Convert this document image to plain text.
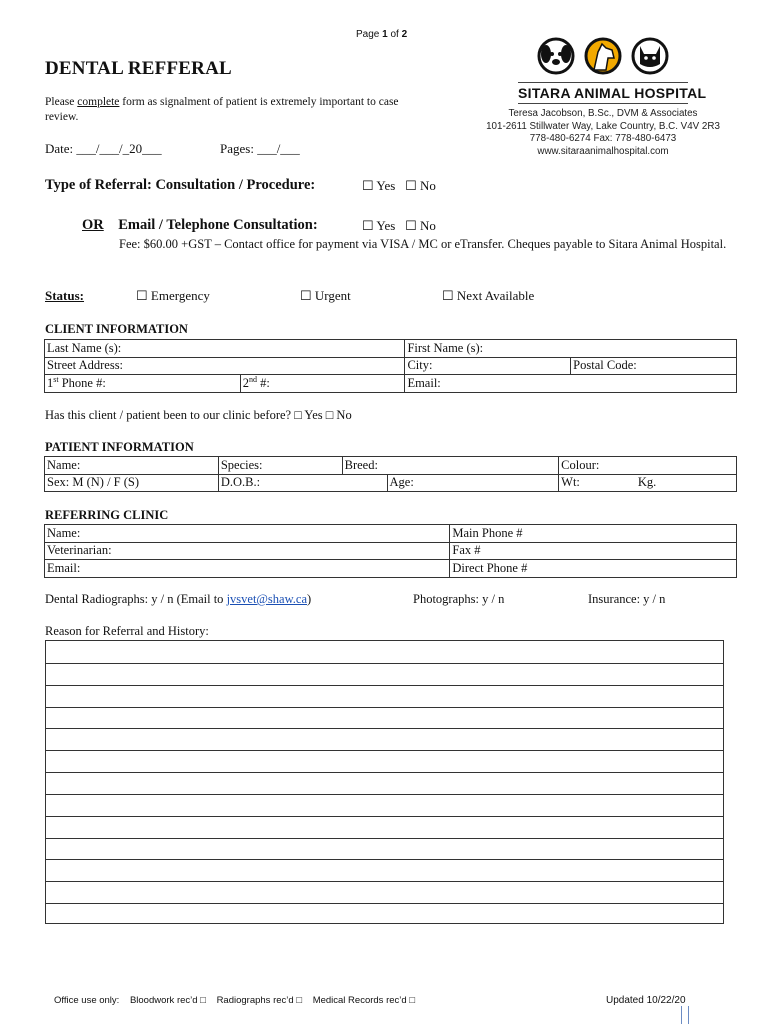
Page 1 of 2
DENTAL REFFERAL
Please complete form as signalment of patient is extremely important to case review.
Date: ___/___/_20___	Pages: ___/___
SITARA ANIMAL HOSPITAL
Teresa Jacobson, B.Sc., DVM & Associates
101-2611 Stillwater Way, Lake Country, B.C. V4V 2R3
778-480-6274 Fax: 778-480-6473
www.sitaraanimalhospital.com
Type of Referral: Consultation / Procedure:	☐ Yes ☐ No
OR Email / Telephone Consultation:	☐ Yes ☐ No
Fee: $60.00 +GST – Contact office for payment via VISA / MC or eTransfer. Cheques payable to Sitara Animal Hospital.
Status:	☐ Emergency	☐ Urgent	☐ Next Available
CLIENT INFORMATION
Last Name (s):		First Name (s):	
Street Address:		City:	Postal Code:
1st Phone #:	2nd #:	Email:	
Has this client / patient been to our clinic before? □ Yes □ No
PATIENT INFORMATION
Name:	Species:	Breed:		Colour:
Sex: M (N) / F (S)	D.O.B.:		Age:	Wt: Kg.
REFERRING CLINIC
Name:	Main Phone #
Veterinarian:	Fax #
Email:	Direct Phone #
Dental Radiographs: y / n (Email to jvsvet@shaw.ca)	Photographs: y / n	Insurance: y / n
Reason for Referral and History:
Office use only: Bloodwork rec’d □ Radiographs rec’d □ Medical Records rec’d □	Updated 10/22/20
